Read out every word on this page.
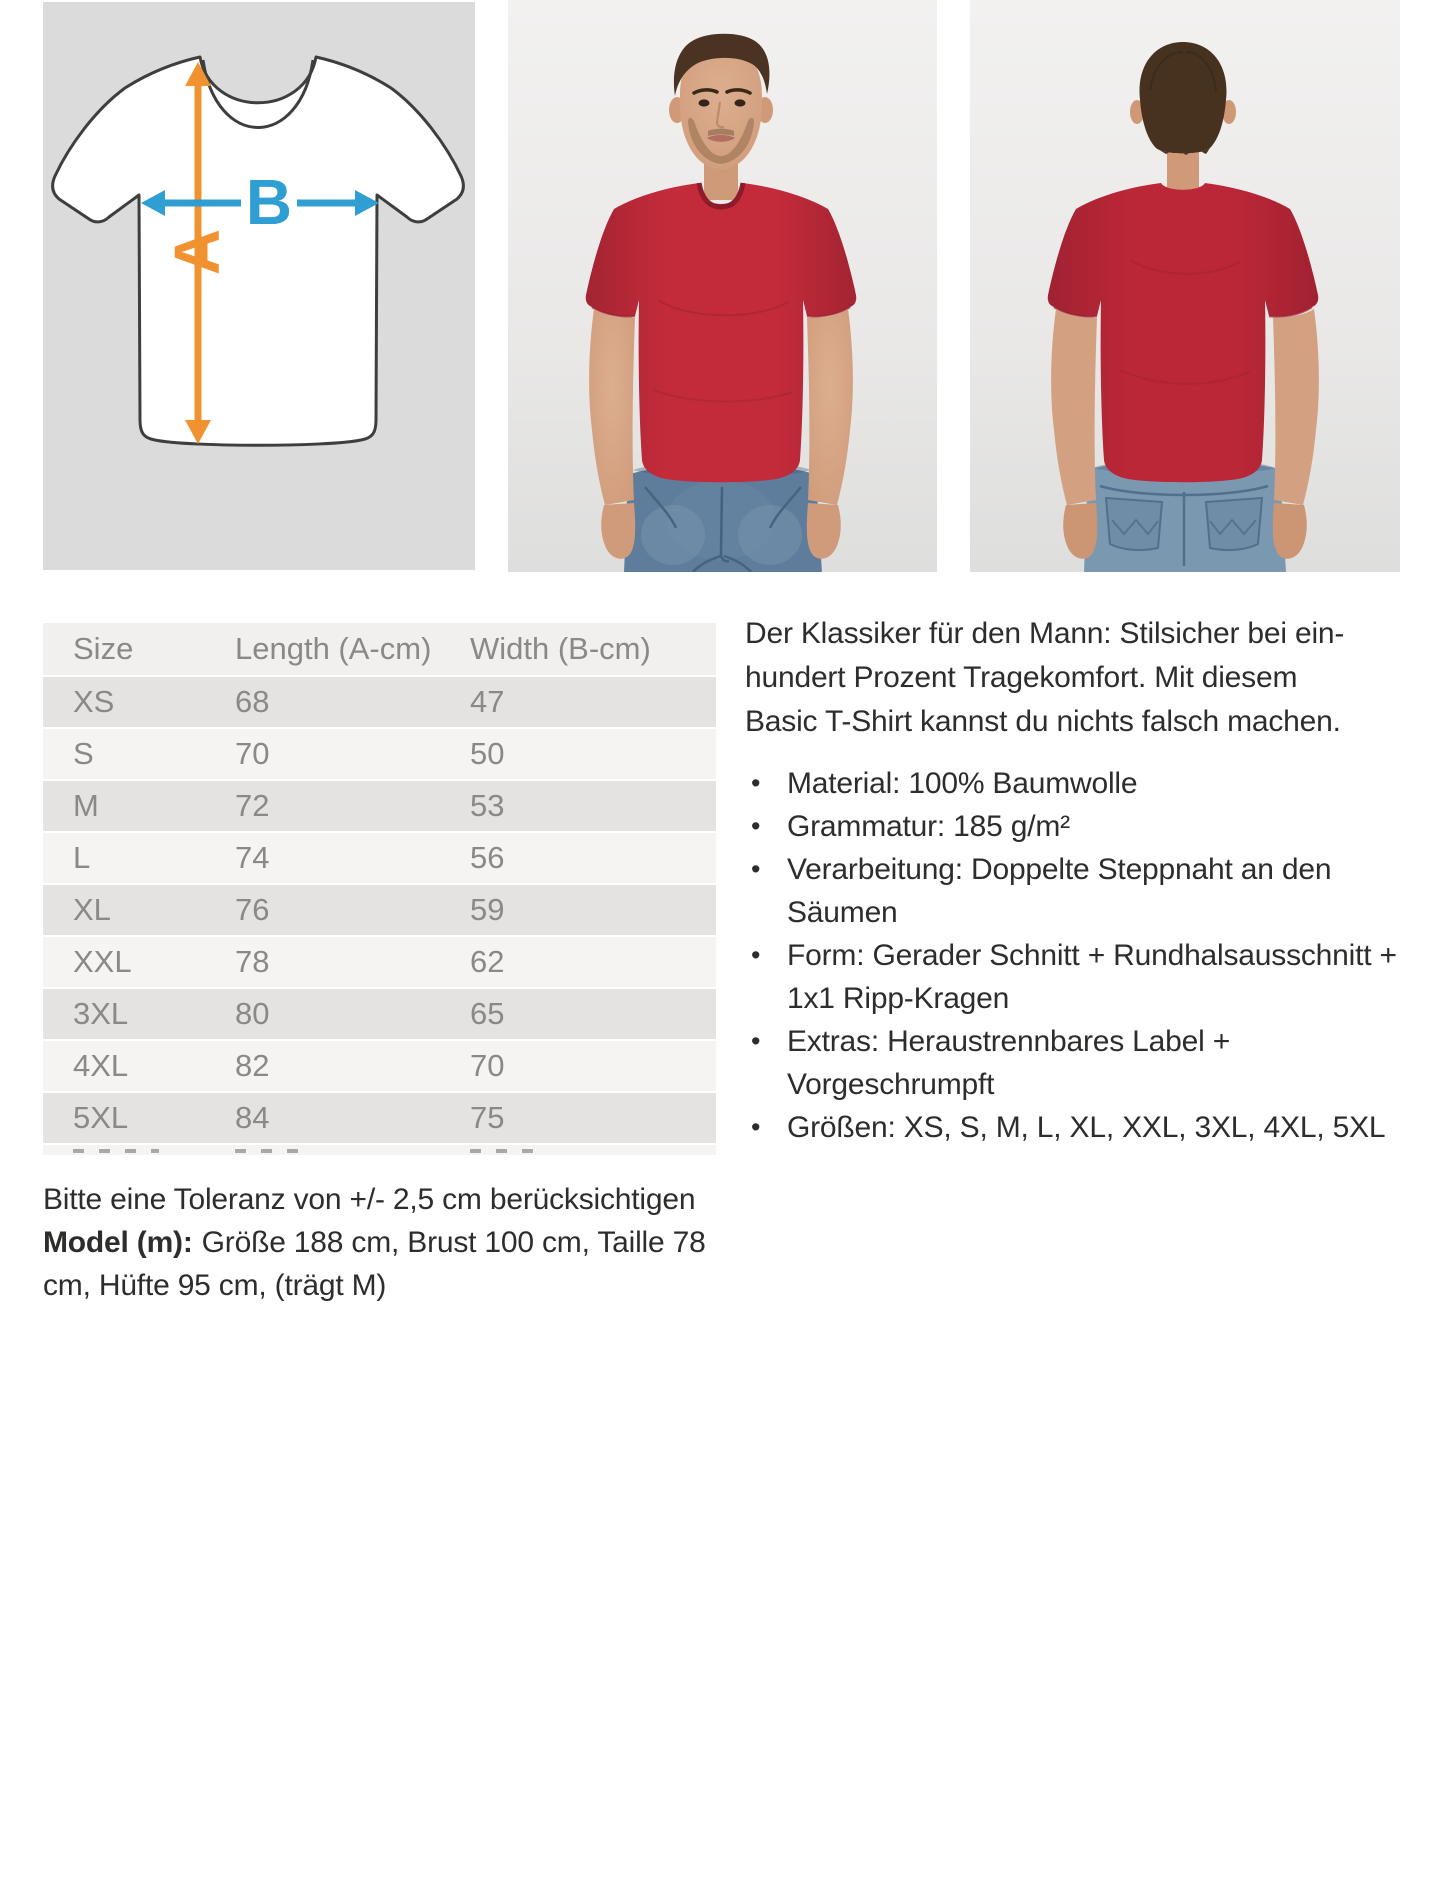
A
B
Size	Length (A-cm)	Width (B-cm)
XS	68	47
S	70	50
M	72	53
L	74	56
XL	76	59
XXL	78	62
3XL	80	65
4XL	82	70
5XL	84	75

Der Klassiker für den Mann: Stilsicher bei ein-
hundert Prozent Tragekomfort. Mit diesem
Basic T-Shirt kannst du nichts falsch machen.

• Material: 100% Baumwolle
• Grammatur: 185 g/m²
• Verarbeitung: Doppelte Steppnaht an den Säumen
• Form: Gerader Schnitt + Rundhalsausschnitt + 1x1 Ripp-Kragen
• Extras: Heraustrennbares Label + Vorgeschrumpft
• Größen: XS, S, M, L, XL, XXL, 3XL, 4XL, 5XL

Bitte eine Toleranz von +/- 2,5 cm berücksichtigen

Model (m): Größe 188 cm, Brust 100 cm, Taille 78 cm, Hüfte 95 cm, (trägt M)
